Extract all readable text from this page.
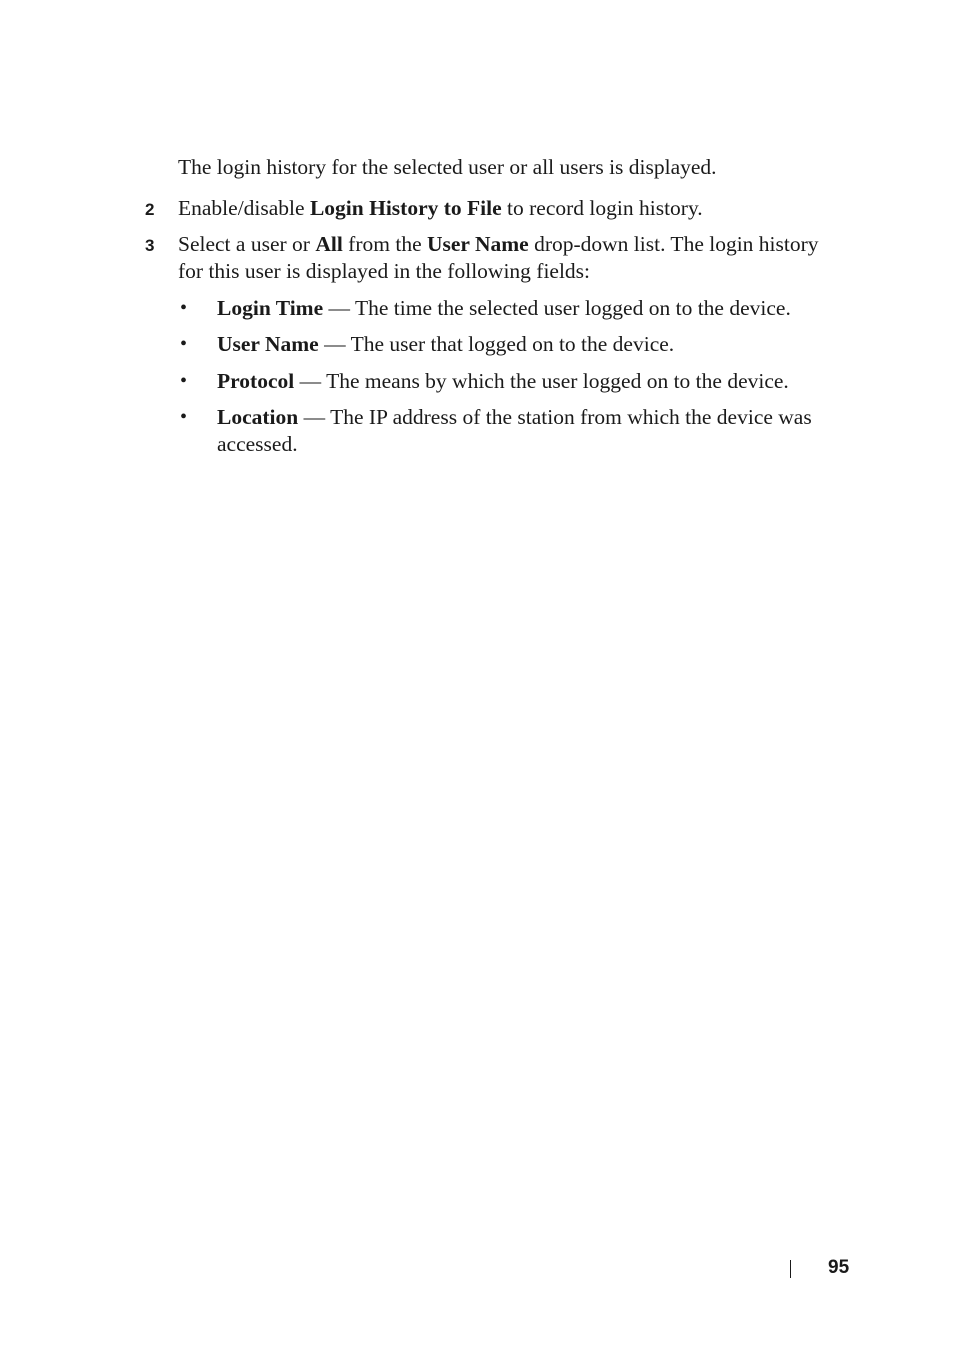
The login history for the selected user or all users is displayed.

2 Enable/disable Login History to File to record login history.

3 Select a user or All from the User Name drop-down list. The login history

for this user is displayed in the following fields:

• Login Time — The time the selected user logged on to the device.

• User Name — The user that logged on to the device.

• Protocol — The means by which the user logged on to the device.

• Location — The IP address of the station from which the device was

accessed.

95
